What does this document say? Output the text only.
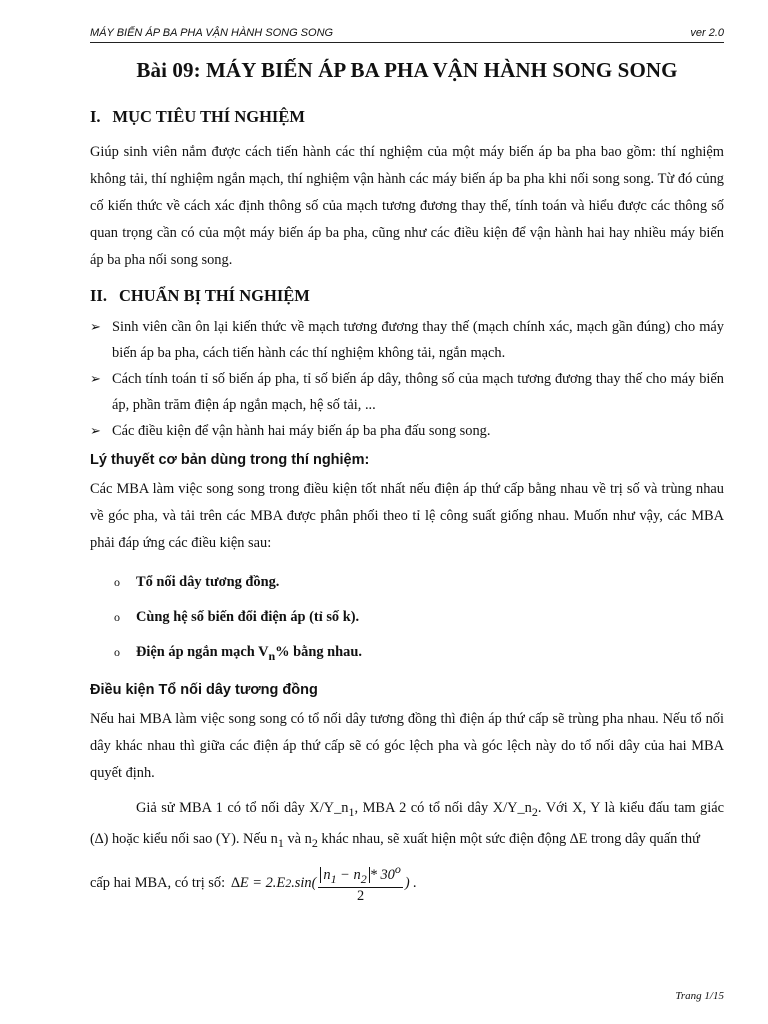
MÁY BIẾN ÁP BA PHA VẬN HÀNH SONG SONG	ver 2.0
Bài 09: MÁY BIẾN ÁP BA PHA VẬN HÀNH SONG SONG
I. MỤC TIÊU THÍ NGHIỆM

Giúp sinh viên nắm được cách tiến hành các thí nghiệm của một máy biến áp ba pha bao gồm: thí nghiệm không tải, thí nghiệm ngắn mạch, thí nghiệm vận hành các máy biến áp ba pha khi nối song song. Từ đó củng cố kiến thức về cách xác định thông số của mạch tương đương thay thế, tính toán và hiểu được các thông số quan trọng cần có của một máy biến áp ba pha, cũng như các điều kiện để vận hành hai hay nhiều máy biến áp ba pha nối song song.

II. CHUẨN BỊ THÍ NGHIỆM
➢ Sinh viên cần ôn lại kiến thức về mạch tương đương thay thế (mạch chính xác, mạch gần đúng) cho máy biến áp ba pha, cách tiến hành các thí nghiệm không tải, ngắn mạch.
➢ Cách tính toán tỉ số biến áp pha, tỉ số biến áp dây, thông số của mạch tương đương thay thế cho máy biến áp, phần trăm điện áp ngắn mạch, hệ số tải, ...
➢ Các điều kiện để vận hành hai máy biến áp ba pha đấu song song.
Lý thuyết cơ bản dùng trong thí nghiệm:

Các MBA làm việc song song trong điều kiện tốt nhất nếu điện áp thứ cấp bằng nhau về trị số và trùng nhau về góc pha, và tải trên các MBA được phân phối theo tỉ lệ công suất giống nhau. Muốn như vậy, các MBA phải đáp ứng các điều kiện sau:

o Tổ nối dây tương đồng.
o Cùng hệ số biến đổi điện áp (tỉ số k).
o Điện áp ngắn mạch $V_n\%$ bằng nhau.
Điều kiện Tổ nối dây tương đồng

Nếu hai MBA làm việc song song có tổ nối dây tương đồng thì điện áp thứ cấp sẽ trùng pha nhau. Nếu tổ nối dây khác nhau thì giữa các điện áp thứ cấp sẽ có góc lệch pha và góc lệch này do tổ nối dây của hai MBA quyết định.

Giả sử MBA 1 có tổ nối dây $X/Y\_n_1$, MBA 2 có tổ nối dây $X/Y\_n_2$. Với X, Y là kiểu đấu tam giác (∆) hoặc kiểu nối sao (Y). Nếu $n_1$ và $n_2$ khác nhau, sẽ xuất hiện một sức điện động ∆E trong dây quấn thứ

cấp hai MBA, có trị số: ∆E = 2.E 2 $.\sin( \frac{n_1 - n_2 * 30^o}{2}$ ) .
Trang 1/15
